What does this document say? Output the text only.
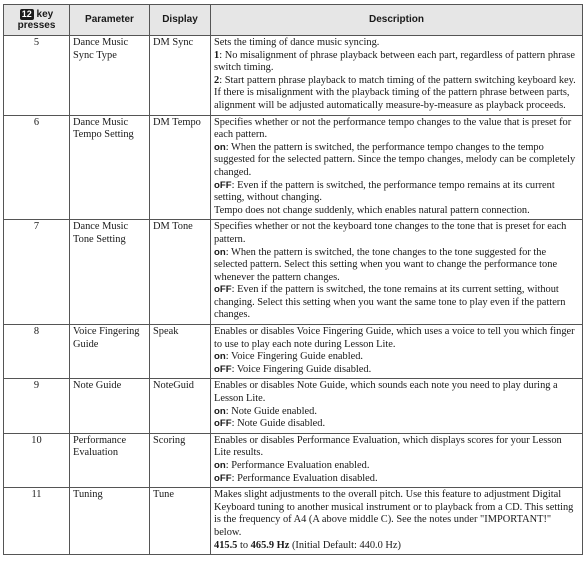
12 key presses	Parameter	Display	Description
5	Dance Music Sync Type	DM Sync	Sets the timing of dance music syncing.
1: No misalignment of phrase playback between each part, regardless of pattern phrase switch timing.
2: Start pattern phrase playback to match timing of the pattern switching keyboard key. If there is misalignment with the playback timing of the pattern phrase between parts, alignment will be adjusted automatically measure-by-measure as playback proceeds.

6	Dance Music Tempo Setting	DM Tempo	Specifies whether or not the performance tempo changes to the value that is preset for each pattern.
on: When the pattern is switched, the performance tempo changes to the tempo suggested for the selected pattern. Since the tempo changes, melody can be completely changed.
oFF: Even if the pattern is switched, the performance tempo remains at its current setting, without changing.
Tempo does not change suddenly, which enables natural pattern connection.

7	Dance Music Tone Setting	DM Tone	Specifies whether or not the keyboard tone changes to the tone that is preset for each pattern.
on: When the pattern is switched, the tone changes to the tone suggested for the selected pattern. Select this setting when you want to change the performance tone whenever the pattern changes.
oFF: Even if the pattern is switched, the tone remains at its current setting, without changing. Select this setting when you want the same tone to play even if the pattern changes.

8	Voice Fingering Guide	Speak	Enables or disables Voice Fingering Guide, which uses a voice to tell you which finger to use to play each note during Lesson Lite.
on: Voice Fingering Guide enabled.
oFF: Voice Fingering Guide disabled.

9	Note Guide	NoteGuid	Enables or disables Note Guide, which sounds each note you need to play during a Lesson Lite.
on: Note Guide enabled.
oFF: Note Guide disabled.

10	Performance Evaluation	Scoring	Enables or disables Performance Evaluation, which displays scores for your Lesson Lite results.
on: Performance Evaluation enabled.
oFF: Performance Evaluation disabled.

11	Tuning	Tune	Makes slight adjustments to the overall pitch. Use this feature to adjustment Digital Keyboard tuning to another musical instrument or to playback from a CD. This setting is the frequency of A4 (A above middle C). See the notes under "IMPORTANT!" below.
415.5 to 465.9 Hz (Initial Default: 440.0 Hz)
